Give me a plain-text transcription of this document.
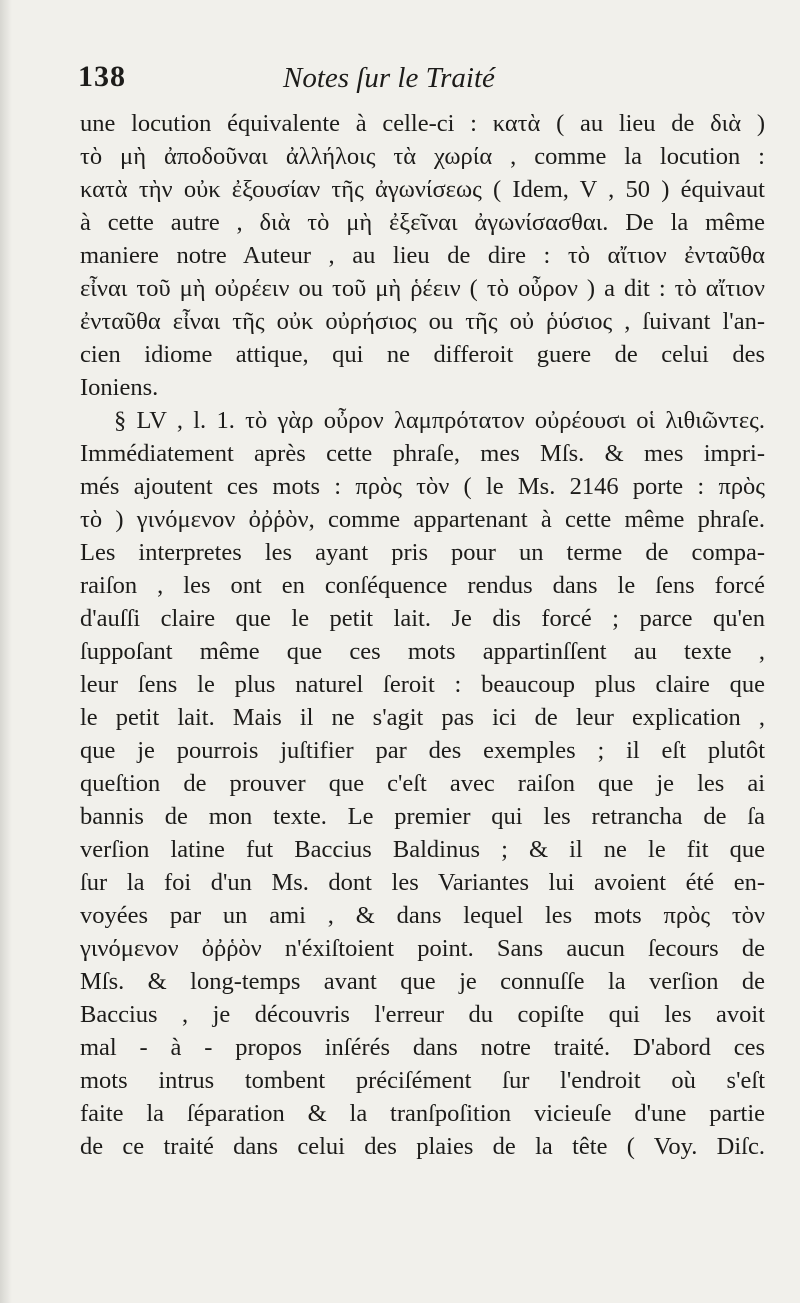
138	Notes ſur le Traité
une locution équivalente à celle-ci : κατὰ ( au lieu de διὰ )
τὸ μὴ ἀποδοῦναι ἀλλήλοις τὰ χωρία , comme la locution :
κατὰ τὴν οὐκ ἐξουσίαν τῆς ἀγωνίσεως ( Idem, V , 50 ) équivaut
à cette autre , διὰ τὸ μὴ ἐξεῖναι ἀγωνίσασθαι. De la même
maniere notre Auteur , au lieu de dire : τὸ αἴτιον ἐνταῦθα
εἶναι τοῦ μὴ οὐρέειν ou τοῦ μὴ ῥέειν ( τὸ οὖρον ) a dit : τὸ αἴτιον
ἐνταῦθα εἶναι τῆς οὐκ οὐρήσιος ou τῆς οὐ ῥύσιος , ſuivant l'an-
cien idiome attique, qui ne differoit guere de celui des
Ioniens.
§ LV , l. 1. τὸ γὰρ οὖρον λαμπρότατον οὐρέουσι οἱ λιθιῶντες.
Immédiatement après cette phraſe, mes Mſs. & mes impri-
més ajoutent ces mots : πρὸς τὸν ( le Ms. 2146 porte : πρὸς
τὸ ) γινόμενον ὀῤῥὸν, comme appartenant à cette même phraſe.
Les interpretes les ayant pris pour un terme de compa-
raiſon , les ont en conſéquence rendus dans le ſens forcé
d'auſſi claire que le petit lait. Je dis forcé ; parce qu'en
ſuppoſant même que ces mots appartinſſent au texte ,
leur ſens le plus naturel ſeroit : beaucoup plus claire que
le petit lait. Mais il ne s'agit pas ici de leur explication ,
que je pourrois juſtifier par des exemples ; il eſt plutôt
queſtion de prouver que c'eſt avec raiſon que je les ai
bannis de mon texte. Le premier qui les retrancha de ſa
verſion latine fut Baccius Baldinus ; & il ne le fit que
ſur la foi d'un Ms. dont les Variantes lui avoient été en-
voyées par un ami , & dans lequel les mots πρὸς τὸν
γινόμενον ὀῤῥὸν n'éxiſtoient point. Sans aucun ſecours de
Mſs. & long-temps avant que je connuſſe la verſion de
Baccius , je découvris l'erreur du copiſte qui les avoit
mal - à - propos inſérés dans notre traité. D'abord ces
mots intrus tombent préciſément ſur l'endroit où s'eſt
faite la ſéparation & la tranſpoſition vicieuſe d'une partie
de ce traité dans celui des plaies de la tête ( Voy. Diſc.
